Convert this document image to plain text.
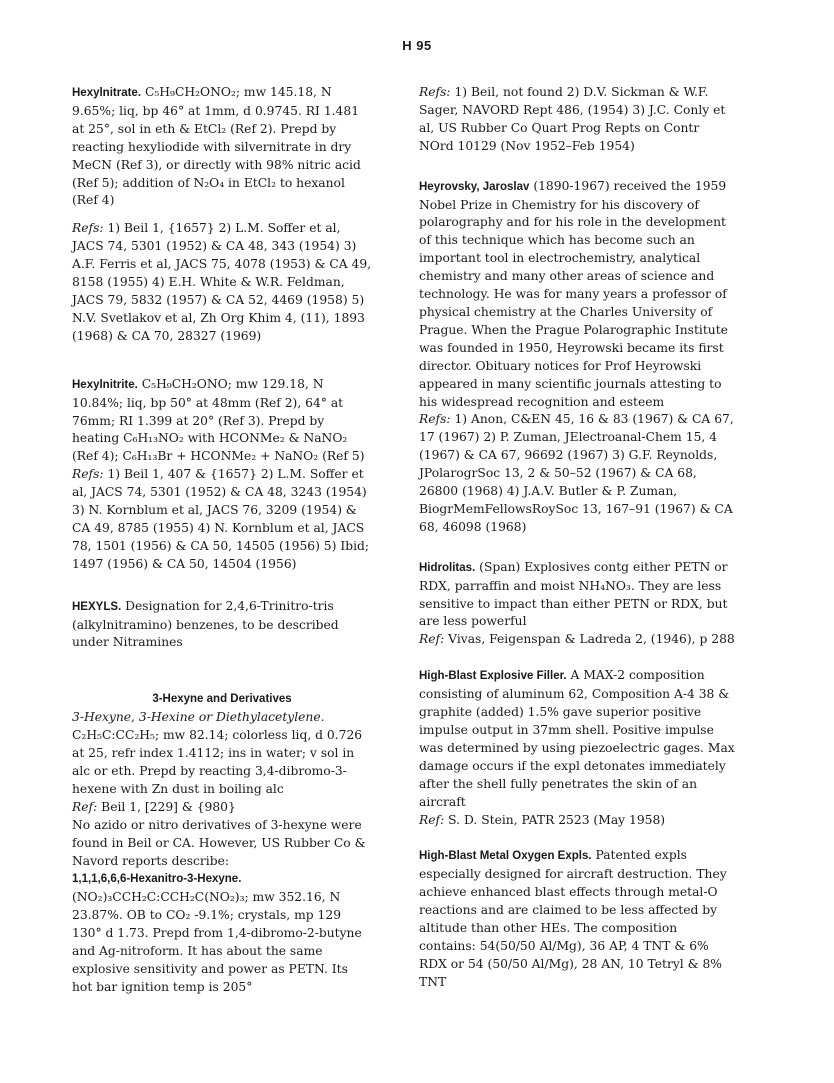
H 95

Hexylnitrate. C₅H₉CH₂ONO₂; mw 145.18, N 9.65%; liq, bp 46° at 1mm, d 0.9745. RI 1.481 at 25°, sol in eth & EtCl₂ (Ref 2). Prepd by reacting hexyliodide with silvernitrate in dry MeCN (Ref 3), or directly with 98% nitric acid (Ref 5); addition of N₂O₄ in EtCl₂ to hexanol (Ref 4)

Refs: 1) Beil 1, {1657} 2) L.M. Soffer et al, JACS 74, 5301 (1952) & CA 48, 343 (1954) 3) A.F. Ferris et al, JACS 75, 4078 (1953) & CA 49, 8158 (1955) 4) E.H. White & W.R. Feldman, JACS 79, 5832 (1957) & CA 52, 4469 (1958) 5) N.V. Svetlakov et al, Zh Org Khim 4, (11), 1893 (1968) & CA 70, 28327 (1969)

Hexylnitrite. C₅H₉CH₂ONO; mw 129.18, N 10.84%; liq, bp 50° at 48mm (Ref 2), 64° at 76mm; RI 1.399 at 20° (Ref 3). Prepd by heating C₆H₁₃NO₂ with HCONMe₂ & NaNO₂ (Ref 4); C₆H₁₃Br + HCONMe₂ + NaNO₂ (Ref 5)

Refs: 1) Beil 1, 407 & {1657} 2) L.M. Soffer et al, JACS 74, 5301 (1952) & CA 48, 3243 (1954) 3) N. Kornblum et al, JACS 76, 3209 (1954) & CA 49, 8785 (1955) 4) N. Kornblum et al, JACS 78, 1501 (1956) & CA 50, 14505 (1956) 5) Ibid; 1497 (1956) & CA 50, 14504 (1956)

HEXYLS. Designation for 2,4,6-Trinitro-tris (alkylnitramino) benzenes, to be described under Nitramines

3-Hexyne and Derivatives

3-Hexyne, 3-Hexine or Diethylacetylene.

C₂H₅C:CC₂H₅; mw 82.14; colorless liq, d 0.726 at 25, refr index 1.4112; ins in water; v sol in alc or eth. Prepd by reacting 3,4-dibromo-3-hexene with Zn dust in boiling alc

Ref: Beil 1, [229] & {980}

No azido or nitro derivatives of 3-hexyne were found in Beil or CA. However, US Rubber Co & Navord reports describe:

1,1,1,6,6,6-Hexanitro-3-Hexyne. (NO₂)₃CCH₂C:CCH₂C(NO₂)₃; mw 352.16, N 23.87%. OB to CO₂ -9.1%; crystals, mp 129 130° d 1.73. Prepd from 1,4-dibromo-2-butyne and Ag-nitroform. It has about the same explosive sensitivity and power as PETN. Its hot bar ignition temp is 205°

Refs: 1) Beil, not found 2) D.V. Sickman & W.F. Sager, NAVORD Rept 486, (1954) 3) J.C. Conly et al, US Rubber Co Quart Prog Repts on Contr NOrd 10129 (Nov 1952–Feb 1954)

Heyrovsky, Jaroslav (1890-1967) received the 1959 Nobel Prize in Chemistry for his discovery of polarography and for his role in the development of this technique which has become such an important tool in electrochemistry, analytical chemistry and many other areas of science and technology. He was for many years a professor of physical chemistry at the Charles University of Prague. When the Prague Polarographic Institute was founded in 1950, Heyrowski became its first director. Obituary notices for Prof Heyrowski appeared in many scientific journals attesting to his widespread recognition and esteem

Refs: 1) Anon, C&EN 45, 16 & 83 (1967) & CA 67, 17 (1967) 2) P. Zuman, JElectroanal-Chem 15, 4 (1967) & CA 67, 96692 (1967) 3) G.F. Reynolds, JPolarogrSoc 13, 2 & 50–52 (1967) & CA 68, 26800 (1968) 4) J.A.V. Butler & P. Zuman, BiogrMemFellowsRoySoc 13, 167–91 (1967) & CA 68, 46098 (1968)

Hidrolitas. (Span) Explosives contg either PETN or RDX, parraffin and moist NH₄NO₃. They are less sensitive to impact than either PETN or RDX, but are less powerful

Ref: Vivas, Feigenspan & Ladreda 2, (1946), p 288

High-Blast Explosive Filler. A MAX-2 composition consisting of aluminum 62, Composition A-4 38 & graphite (added) 1.5% gave superior positive impulse output in 37mm shell. Positive impulse was determined by using piezoelectric gages. Max damage occurs if the expl detonates immediately after the shell fully penetrates the skin of an aircraft

Ref: S. D. Stein, PATR 2523 (May 1958)

High-Blast Metal Oxygen Expls. Patented expls especially designed for aircraft destruction. They achieve enhanced blast effects through metal-O reactions and are claimed to be less affected by altitude than other HEs. The composition contains: 54(50/50 Al/Mg), 36 AP, 4 TNT & 6% RDX or 54 (50/50 Al/Mg), 28 AN, 10 Tetryl & 8% TNT
